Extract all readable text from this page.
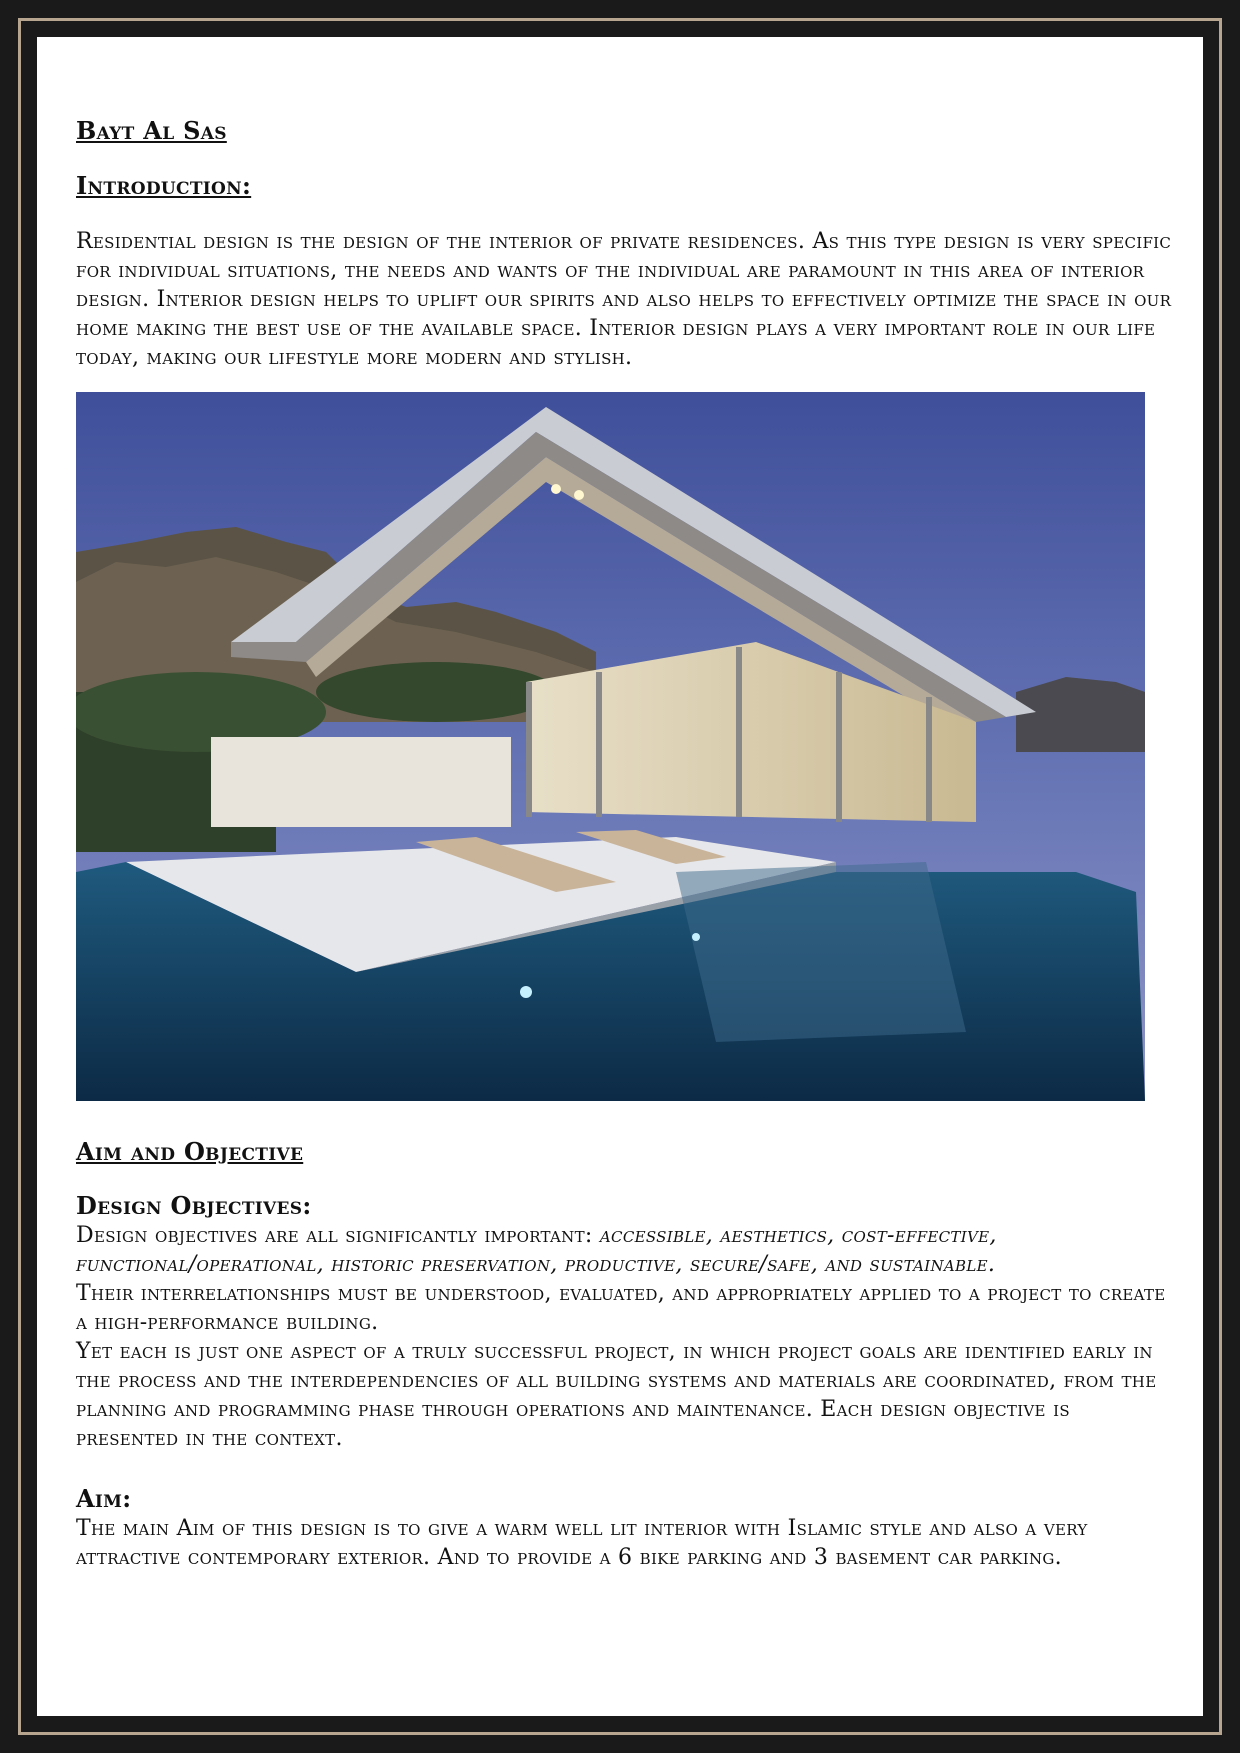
Bayt Al Sas
Introduction:

Residential design is the design of the interior of private residences. As this type design is very specific for individual situations, the needs and wants of the individual are paramount in this area of interior design. Interior design helps to uplift our spirits and also helps to effectively optimize the space in our home making the best use of the available space. Interior design plays a very important role in our life today, making our lifestyle more modern and stylish.

Aim and Objective
Design Objectives:

Design objectives are all significantly important: accessible, aesthetics, cost-effective, functional/operational, historic preservation, productive, secure/safe, and sustainable.

Their interrelationships must be understood, evaluated, and appropriately applied to a project to create a high-performance building.

Yet each is just one aspect of a truly successful project, in which project goals are identified early in the process and the interdependencies of all building systems and materials are coordinated, from the planning and programming phase through operations and maintenance. Each design objective is presented in the context.

Aim:

The main Aim of this design is to give a warm well lit interior with Islamic style and also a very attractive contemporary exterior. And to provide a 6 bike parking and 3 basement car parking.
